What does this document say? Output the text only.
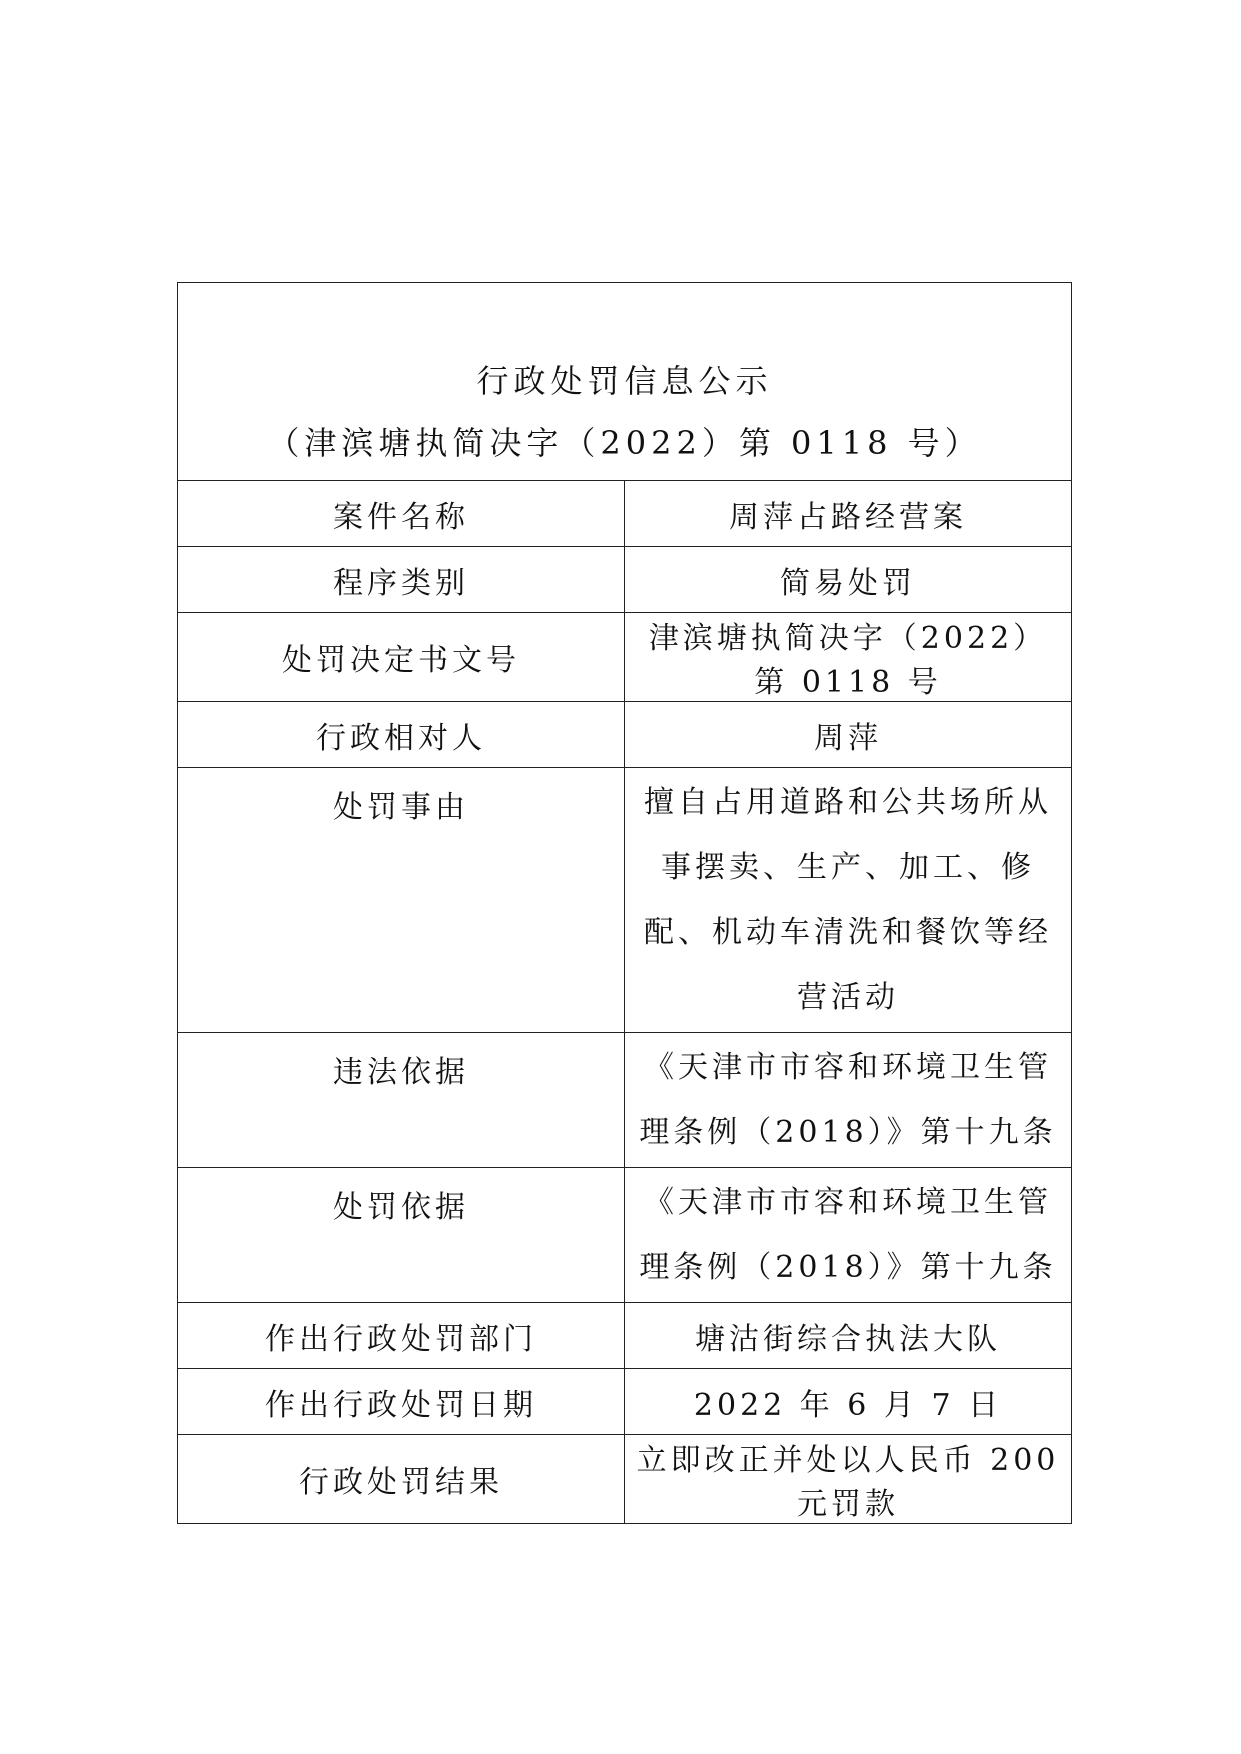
行政处罚信息公示
（津滨塘执简决字（2022）第 0118 号）	

案件名称	周萍占路经营案
程序类别	简易处罚
处罚决定书文号	津滨塘执简决字（2022）第 0118 号
行政相对人	周萍
处罚事由	擅自占用道路和公共场所从事摆卖、生产、加工、修配、机动车清洗和餐饮等经营活动
违法依据	《天津市市容和环境卫生管理条例（2018）》第十九条
处罚依据	《天津市市容和环境卫生管理条例（2018）》第十九条
作出行政处罚部门	塘沽街综合执法大队
作出行政处罚日期	2022 年 6 月 7 日
行政处罚结果	立即改正并处以人民币 200 元罚款
